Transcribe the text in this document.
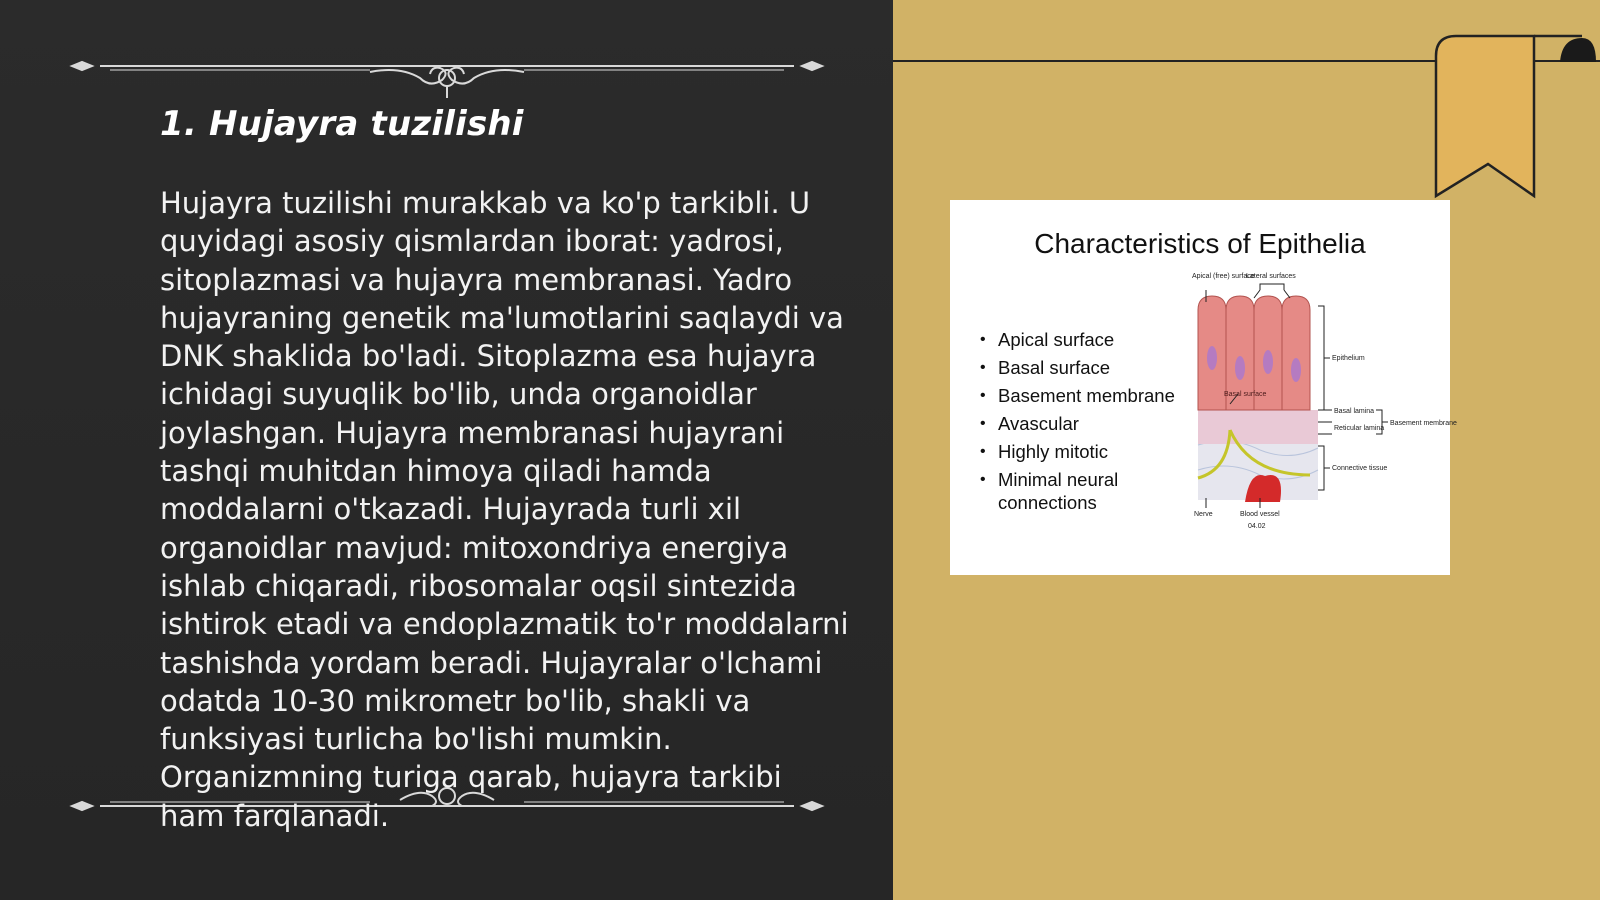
1. Hujayra tuzilishi

Hujayra tuzilishi murakkab va ko'p tarkibli. U quyidagi asosiy qismlardan iborat: yadrosi, sitoplazmasi va hujayra membranasi. Yadro hujayraning genetik ma'lumotlarini saqlaydi va DNK shaklida bo'ladi. Sitoplazma esa hujayra ichidagi suyuqlik bo'lib, unda organoidlar joylashgan. Hujayra membranasi hujayrani tashqi muhitdan himoya qiladi hamda moddalarni o'tkazadi. Hujayrada turli xil organoidlar mavjud: mitoxondriya energiya ishlab chiqaradi, ribosomalar oqsil sintezida ishtirok etadi va endoplazmatik to'r moddalarni tashishda yordam beradi. Hujayralar o'lchami odatda 10-30 mikrometr bo'lib, shakli va funksiyasi turlicha bo'lishi mumkin. Organizmning turiga qarab, hujayra tarkibi ham farqlanadi.

Characteristics of Epithelia

• Apical surface
• Basal surface
• Basement membrane
• Avascular
• Highly mitotic
• Minimal neural connections
Apical (free) surface
Lateral surfaces
Epithelium
Basal surface
Basal lamina
Reticular lamina
Basement membrane
Connective tissue
Nerve	Blood vessel
04.02
